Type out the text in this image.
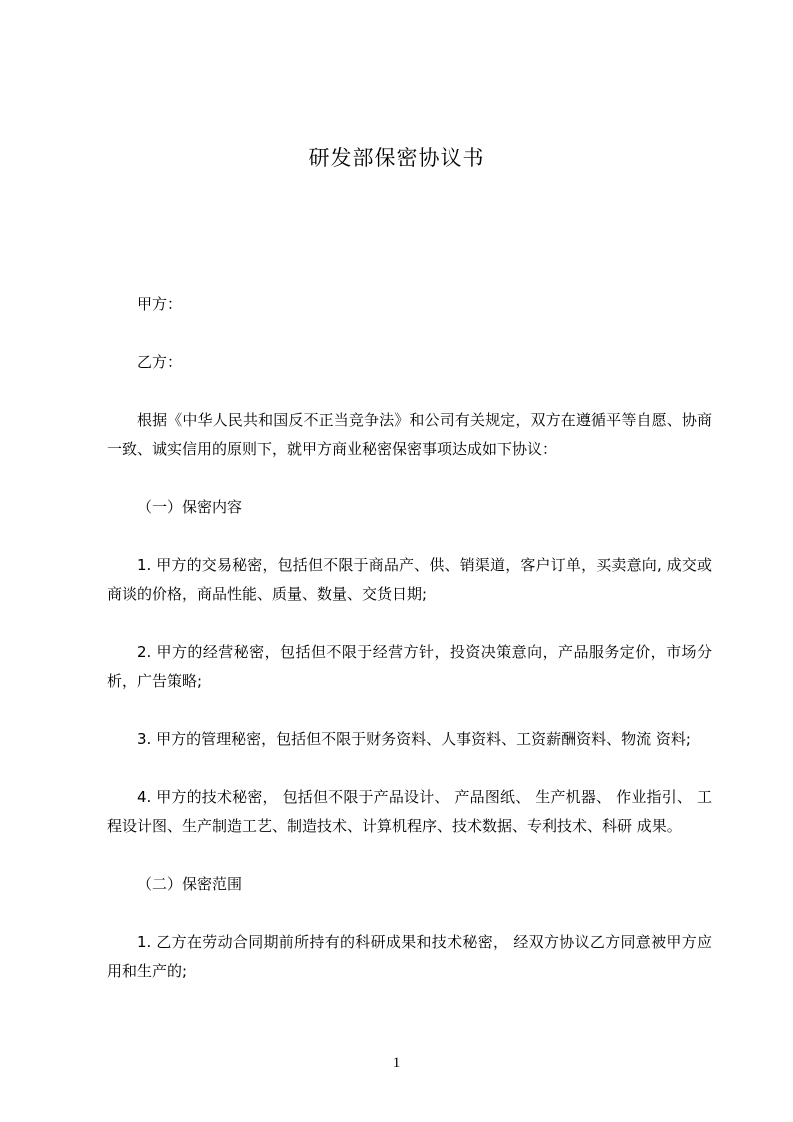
研发部保密协议书

甲方：

乙方：

根据《中华人民共和国反不正当竞争法》和公司有关规定，双方在遵循平等自愿、协商一致、诚实信用的原则下，就甲方商业秘密保密事项达成如下协议：

（一）保密内容

1. 甲方的交易秘密，包括但不限于商品产、供、销渠道，客户订单，买卖意向, 成交或商谈的价格，商品性能、质量、数量、交货日期;

2. 甲方的经营秘密，包括但不限于经营方针，投资决策意向，产品服务定价，市场分析，广告策略;

3. 甲方的管理秘密，包括但不限于财务资料、人事资料、工资薪酬资料、物流 资料;

4. 甲方的技术秘密， 包括但不限于产品设计、 产品图纸、 生产机器、 作业指引、 工程设计图、生产制造工艺、制造技术、计算机程序、技术数据、专利技术、科研 成果。

（二）保密范围

1. 乙方在劳动合同期前所持有的科研成果和技术秘密， 经双方协议乙方同意被甲方应用和生产的;

1
